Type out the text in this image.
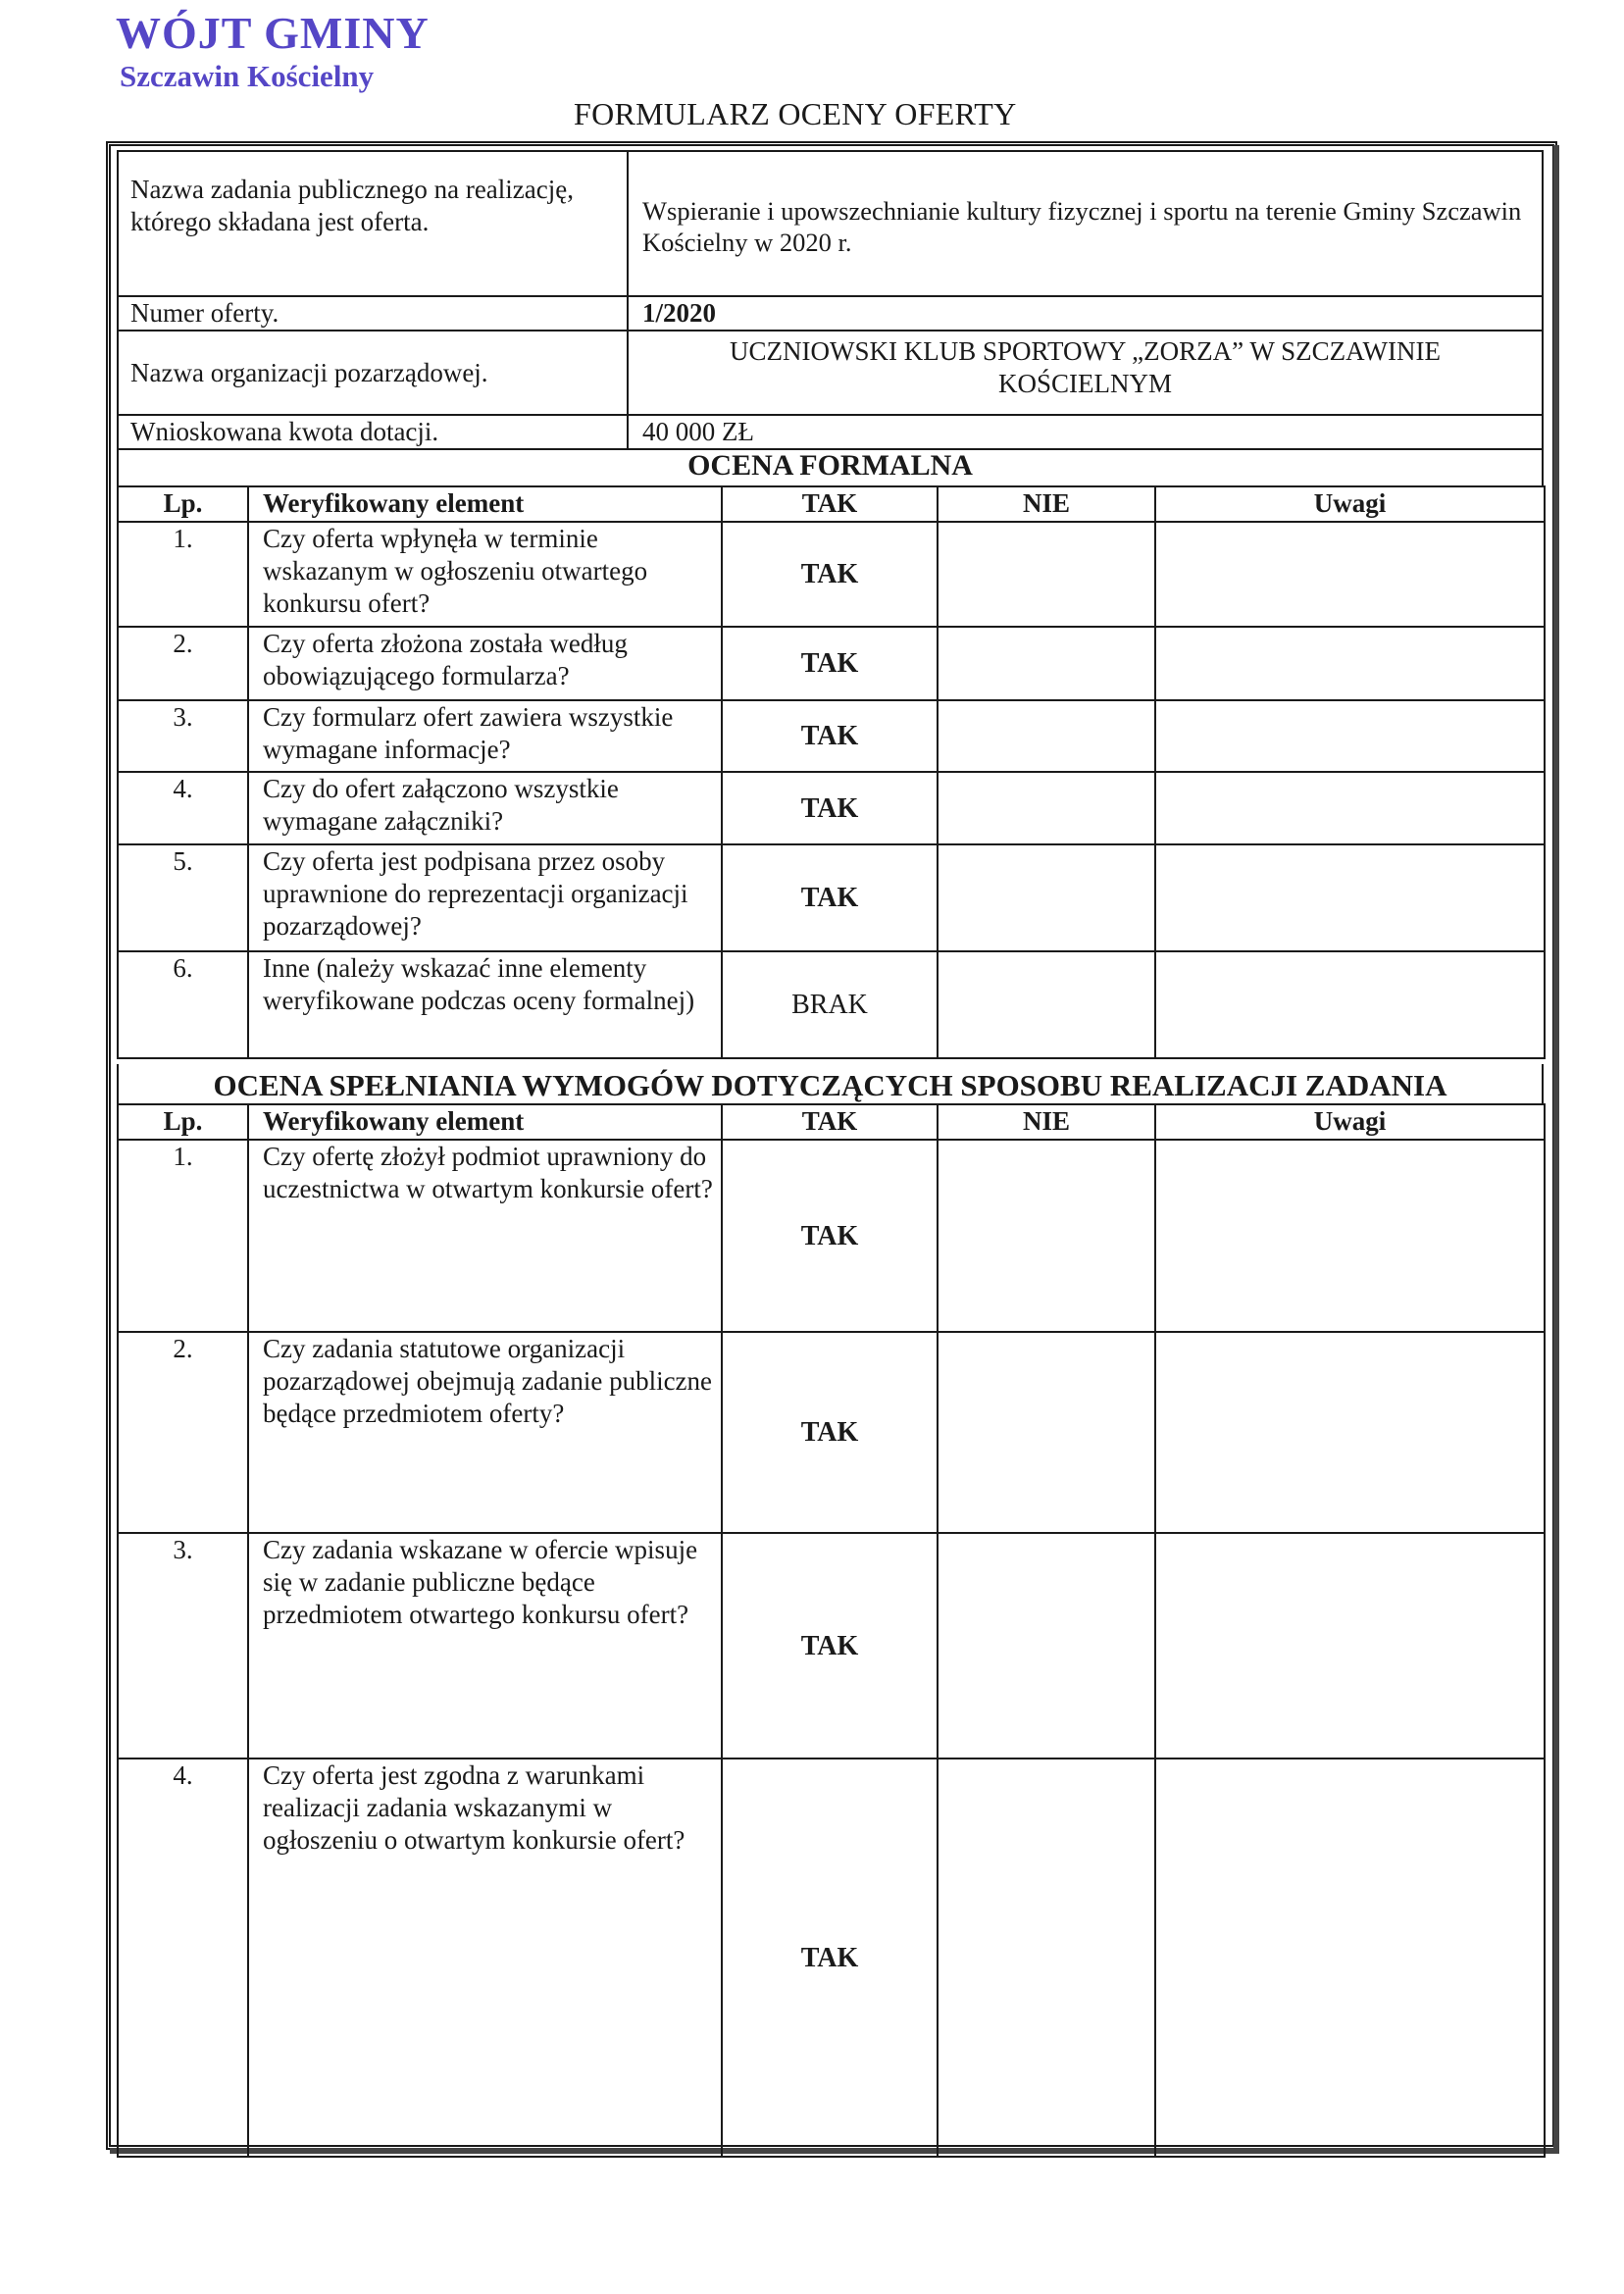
WÓJT GMINY
Szczawin Kościelny
FORMULARZ OCENY OFERTY
Nazwa zadania publicznego na realizację, którego składana jest oferta.	Wspieranie i upowszechnianie kultury fizycznej i sportu na terenie Gminy Szczawin Kościelny w 2020 r.
Numer oferty.	1/2020
Nazwa organizacji pozarządowej.	UCZNIOWSKI KLUB SPORTOWY „ZORZA” W SZCZAWINIE KOŚCIELNYM
Wnioskowana kwota dotacji.	40 000 ZŁ
OCENA FORMALNA
Lp.	Weryfikowany element	TAK	NIE	Uwagi
1.	Czy oferta wpłynęła w terminie wskazanym w ogłoszeniu otwartego konkursu ofert?	TAK		
2.	Czy oferta złożona została według obowiązującego formularza?	TAK		
3.	Czy formularz ofert zawiera wszystkie wymagane informacje?	TAK		
4.	Czy do ofert załączono wszystkie wymagane załączniki?	TAK		
5.	Czy oferta jest podpisana przez osoby uprawnione do reprezentacji organizacji pozarządowej?	TAK		
6.	Inne (należy wskazać inne elementy weryfikowane podczas oceny formalnej)	BRAK		
OCENA SPEŁNIANIA WYMOGÓW DOTYCZĄCYCH SPOSOBU REALIZACJI ZADANIA
Lp.	Weryfikowany element	TAK	NIE	Uwagi
1.	Czy ofertę złożył podmiot uprawniony do uczestnictwa w otwartym konkursie ofert?	TAK		
2.	Czy zadania statutowe organizacji pozarządowej obejmują zadanie publiczne będące przedmiotem oferty?	TAK		
3.	Czy zadania wskazane w ofercie wpisuje się w zadanie publiczne będące przedmiotem otwartego konkursu ofert?	TAK		
4.	Czy oferta jest zgodna z warunkami realizacji zadania wskazanymi w ogłoszeniu o otwartym konkursie ofert?	TAK		
